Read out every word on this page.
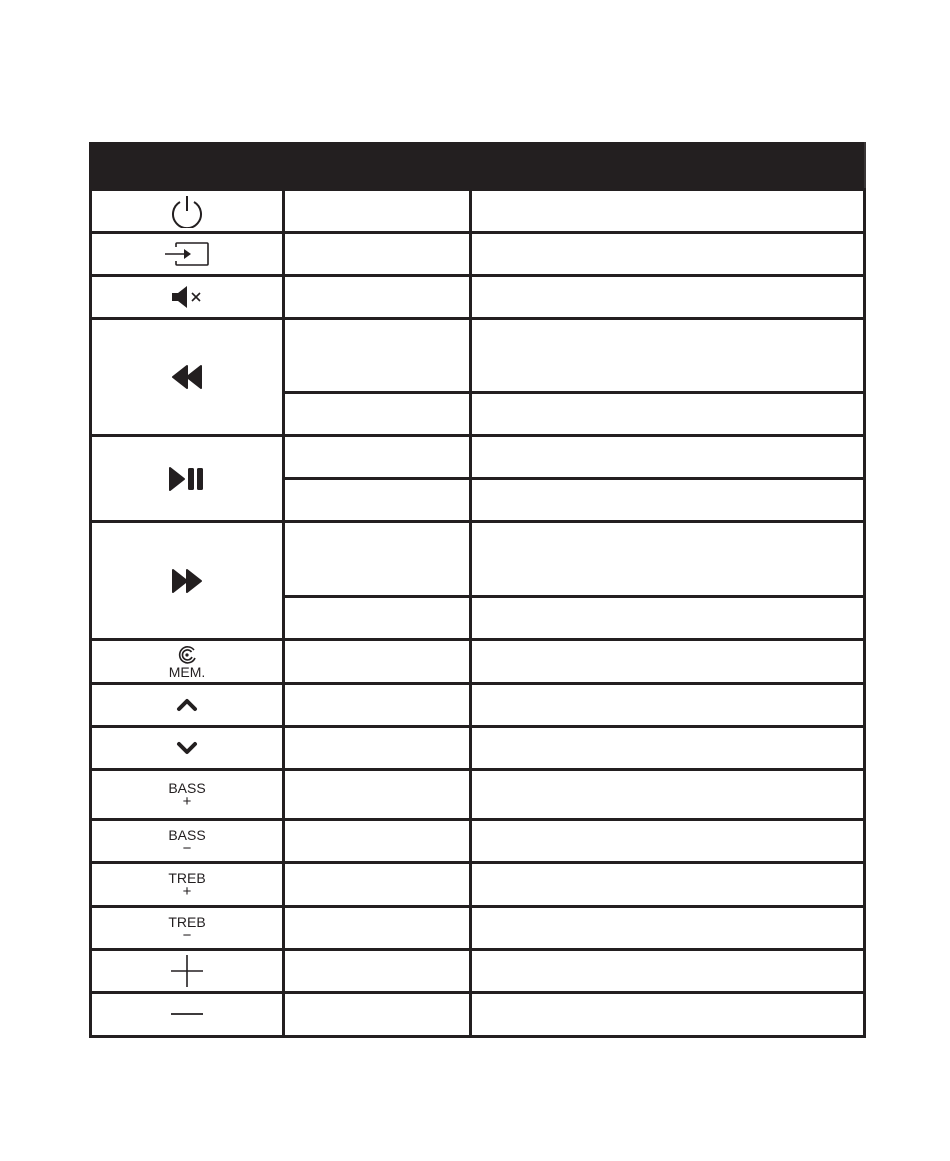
MEM.		

BASS
+		

BASS
−		

TREB
+		

TREB
−		
